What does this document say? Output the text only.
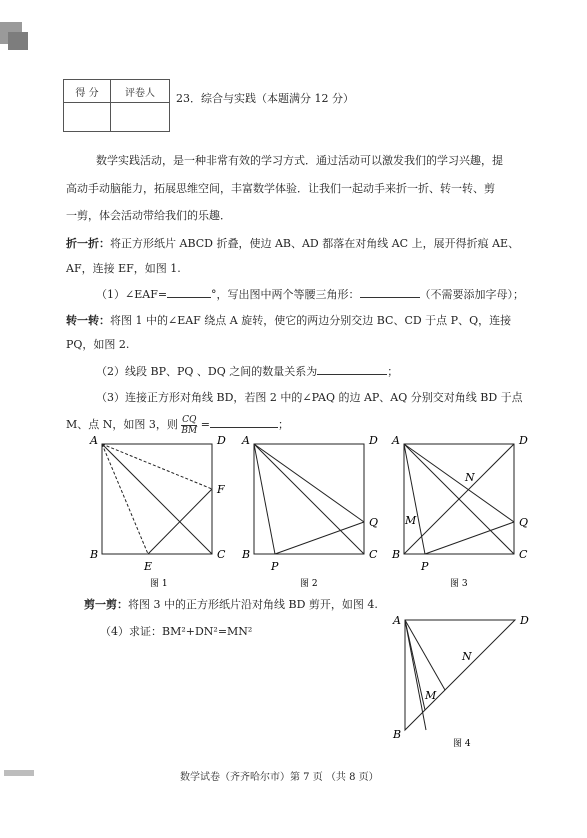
得 分	评卷人
	23．综合与实践（本题满分 12 分）
数学实践活动，是一种非常有效的学习方式．通过活动可以激发我们的学习兴趣，提
高动手动脑能力，拓展思维空间，丰富数学体验．让我们一起动手来折一折、转一转、剪
一剪，体会活动带给我们的乐趣．
折一折：将正方形纸片 ABCD 折叠，使边 AB、AD 都落在对角线 AC 上，展开得折痕 AE、
AF，连接 EF，如图 1.
（1）∠EAF=	°，写出图中两个等腰三角形：	（不需要添加字母）；
转一转：将图 1 中的∠EAF 绕点 A 旋转，使它的两边分别交边 BC、CD 于点 P、Q，连接
PQ，如图 2.
（2）线段 BP、PQ 、DQ 之间的数量关系为	；
（3）连接正方形对角线 BD，若图 2 中的∠PAQ 的边 AP、AQ 分别交对角线 BD 于点
M、点 N，如图 3，则 $\frac{CQ}{BM}$ =	；
A	D
F
B
E
C
A	D
Q
B
P
C
A	D
N
M	Q
B
P
C
图 1	图 2	图 3
剪一剪：将图 3 中的正方形纸片沿对角线 BD 剪开，如图 4.
（4）求证：BM²+DN²=MN²
A	D
N
M
B
图 4
数学试卷（齐齐哈尔市）第 7 页 （共 8 页）
